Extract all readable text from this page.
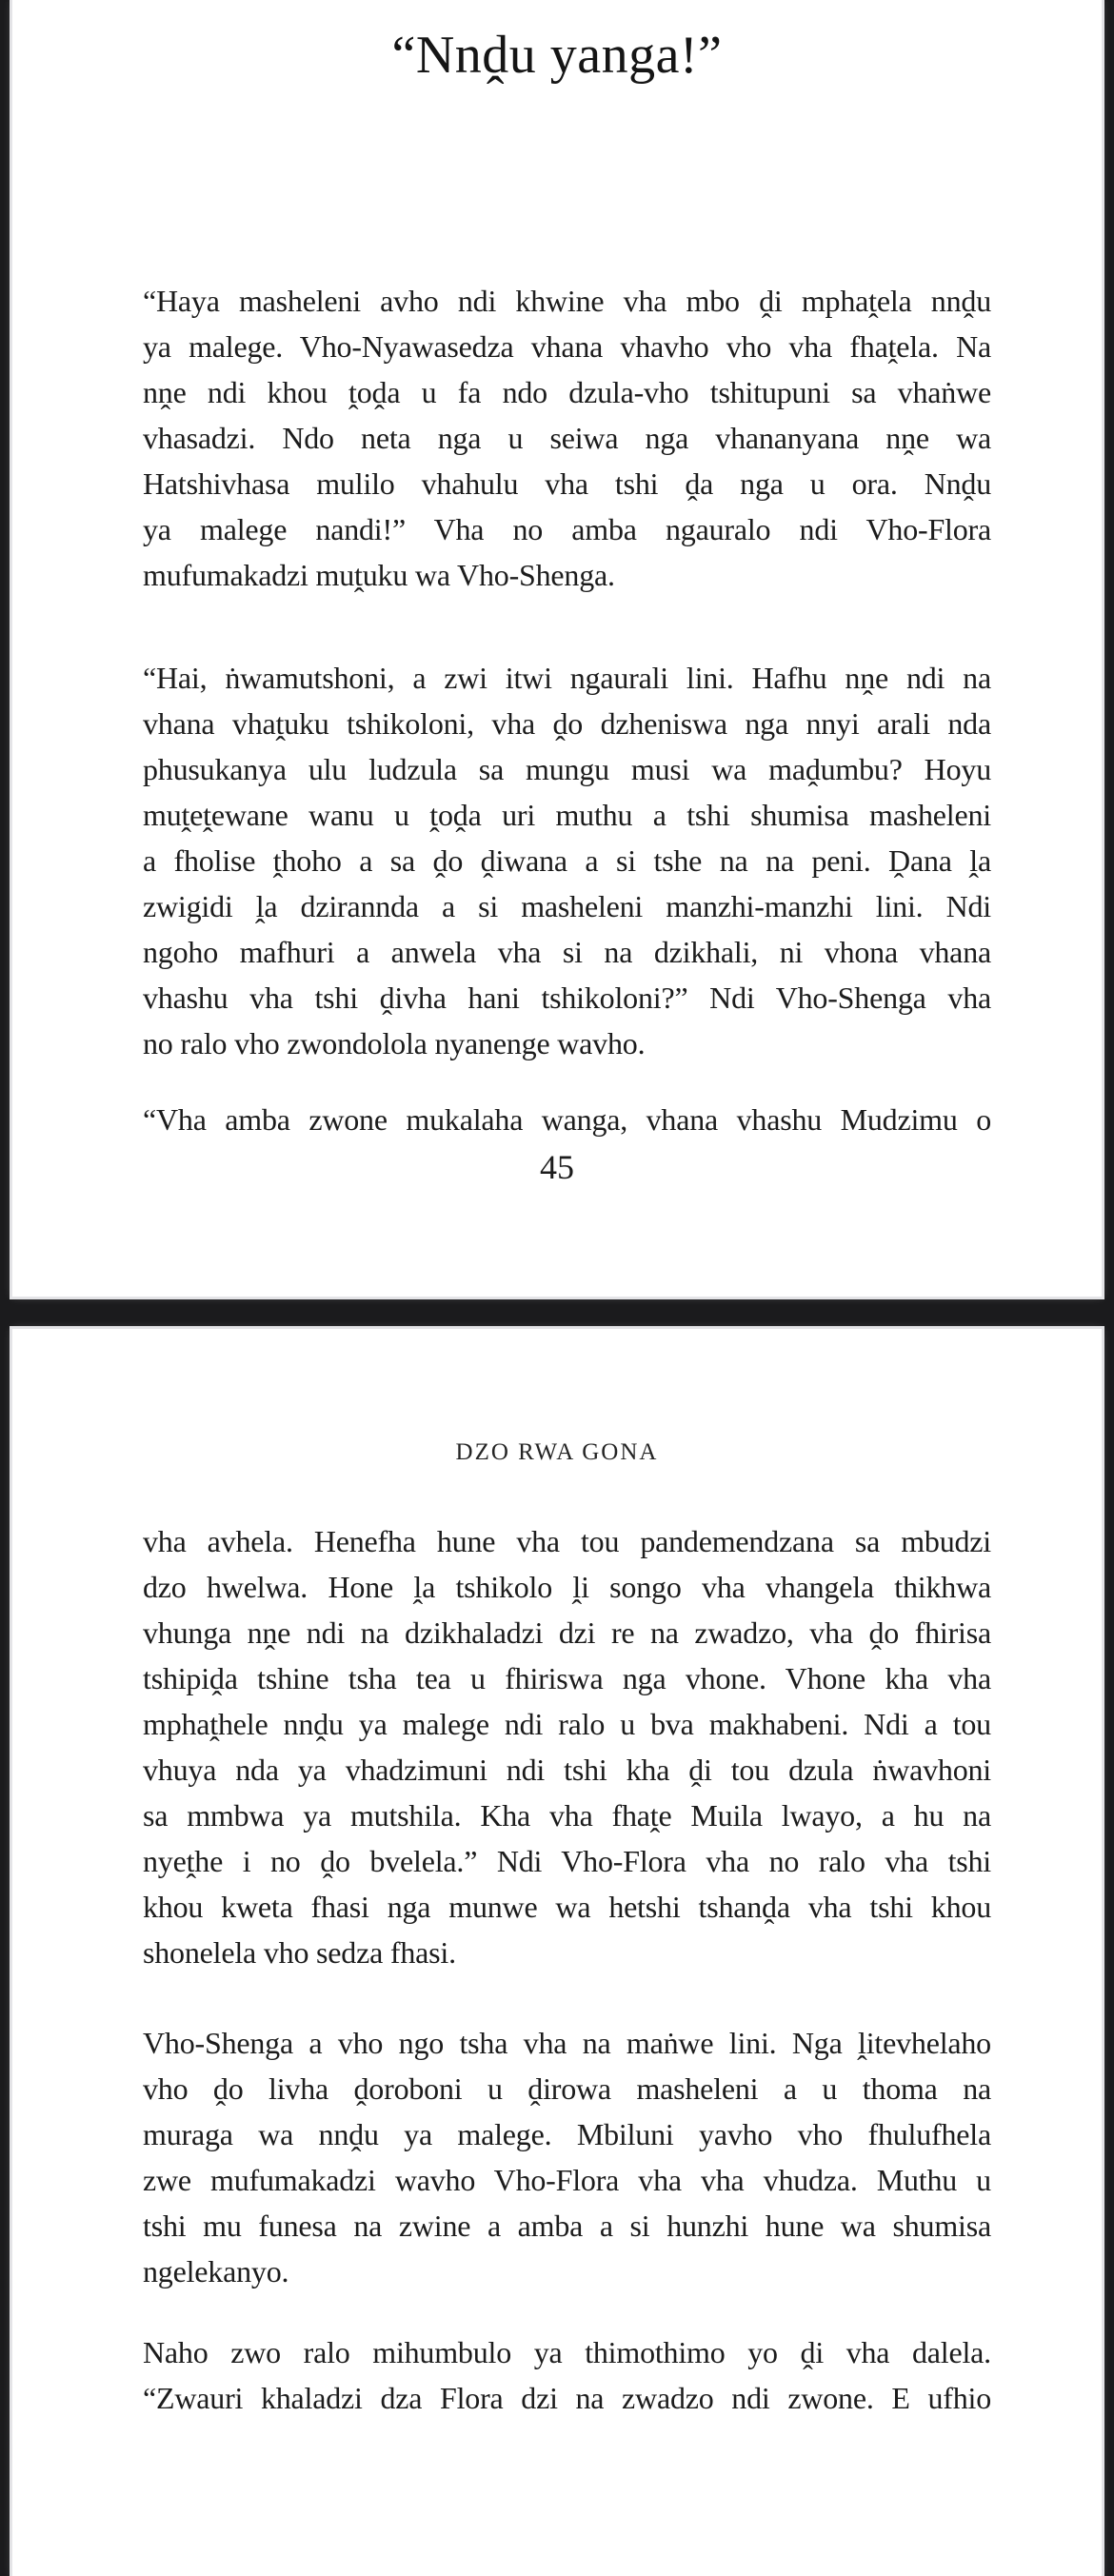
“Nnḓu yanga!”
“Haya masheleni avho ndi khwine vha mbo ḓi mphaṱela nnḓu
ya malege. Vho-Nyawasedza vhana vhavho vho vha fhaṱela. Na
nṋe ndi khou ṱoḓa u fa ndo dzula-vho tshitupuni sa vhaṅwe
vhasadzi. Ndo neta nga u seiwa nga vhananyana nṋe wa
Hatshivhasa mulilo vhahulu vha tshi ḓa nga u ora. Nnḓu
ya malege nandi!” Vha no amba ngauralo ndi Vho-Flora
mufumakadzi muṱuku wa Vho-Shenga.
“Hai, ṅwamutshoni, a zwi itwi ngaurali lini. Hafhu nṋe ndi na
vhana vhaṱuku tshikoloni, vha ḓo dzheniswa nga nnyi arali nda
phusukanya ulu ludzula sa mungu musi wa maḓumbu? Hoyu
muṱeṱewane wanu u ṱoḓa uri muthu a tshi shumisa masheleni
a fholise ṱhoho a sa ḓo ḓiwana a si tshe na na peni. Ḓana ḽa
zwigidi ḽa dzirannda a si masheleni manzhi-manzhi lini. Ndi
ngoho mafhuri a anwela vha si na dzikhali, ni vhona vhana
vhashu vha tshi ḓivha hani tshikoloni?” Ndi Vho-Shenga vha
no ralo vho zwondolola nyanenge wavho.
“Vha amba zwone mukalaha wanga, vhana vhashu Mudzimu o
45
DZO RWA GONA
vha avhela. Henefha hune vha tou pandemendzana sa mbudzi
dzo hwelwa. Hone ḽa tshikolo ḽi songo vha vhangela thikhwa
vhunga nṋe ndi na dzikhaladzi dzi re na zwadzo, vha ḓo fhirisa
tshipiḓa tshine tsha tea u fhiriswa nga vhone. Vhone kha vha
mphaṱhele nnḓu ya malege ndi ralo u bva makhabeni. Ndi a tou
vhuya nda ya vhadzimuni ndi tshi kha ḓi tou dzula ṅwavhoni
sa mmbwa ya mutshila. Kha vha fhaṱe Muila lwayo, a hu na
nyeṱhe i no ḓo bvelela.” Ndi Vho-Flora vha no ralo vha tshi
khou kweta fhasi nga munwe wa hetshi tshanḓa vha tshi khou
shonelela vho sedza fhasi.
Vho-Shenga a vho ngo tsha vha na maṅwe lini. Nga ḽitevhelaho
vho ḓo livha ḓoroboni u ḓirowa masheleni a u thoma na
muraga wa nnḓu ya malege. Mbiluni yavho vho fhulufhela
zwe mufumakadzi wavho Vho-Flora vha vha vhudza. Muthu u
tshi mu funesa na zwine a amba a si hunzhi hune wa shumisa
ngelekanyo.
Naho zwo ralo mihumbulo ya thimothimo yo ḓi vha dalela.
“Zwauri khaladzi dza Flora dzi na zwadzo ndi zwone. E ufhio
